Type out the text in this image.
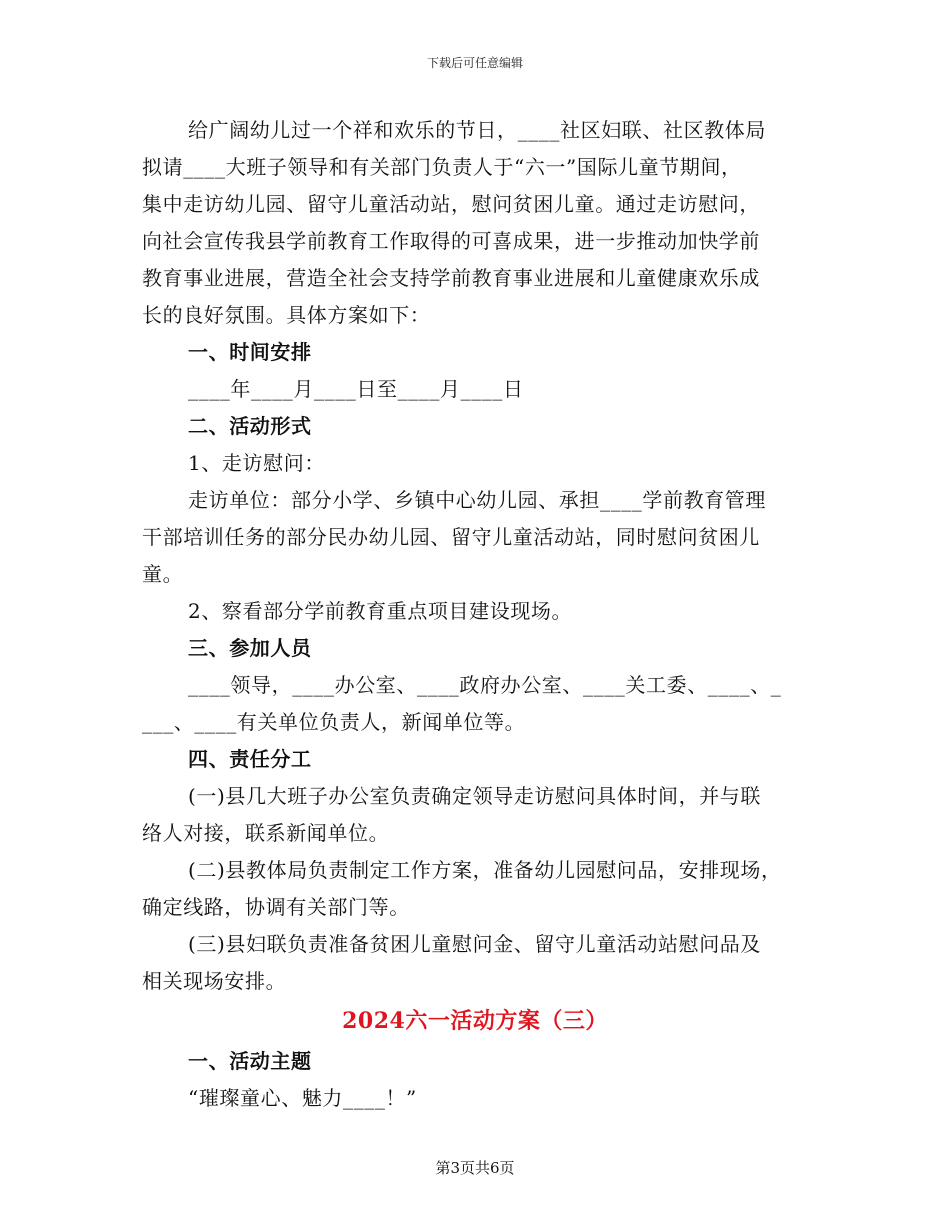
下载后可任意编辑
给广阔幼儿过一个祥和欢乐的节日，____社区妇联、社区教体局
拟请____大班子领导和有关部门负责人于“六一”国际儿童节期间，
集中走访幼儿园、留守儿童活动站，慰问贫困儿童。通过走访慰问，
向社会宣传我县学前教育工作取得的可喜成果，进一步推动加快学前
教育事业进展，营造全社会支持学前教育事业进展和儿童健康欢乐成
长的良好氛围。具体方案如下：
一、时间安排
____年____月____日至____月____日
二、活动形式
1、走访慰问：
走访单位：部分小学、乡镇中心幼儿园、承担____学前教育管理
干部培训任务的部分民办幼儿园、留守儿童活动站，同时慰问贫困儿
童。
2、察看部分学前教育重点项目建设现场。
三、参加人员
____领导，____办公室、____政府办公室、____关工委、____、_
___、____有关单位负责人，新闻单位等。
四、责任分工
(一)县几大班子办公室负责确定领导走访慰问具体时间，并与联
络人对接，联系新闻单位。
(二)县教体局负责制定工作方案，准备幼儿园慰问品，安排现场，
确定线路，协调有关部门等。
(三)县妇联负责准备贫困儿童慰问金、留守儿童活动站慰问品及
相关现场安排。
2024六一活动方案（三）
一、活动主题
“璀璨童心、魅力____！”
第3页共6页
